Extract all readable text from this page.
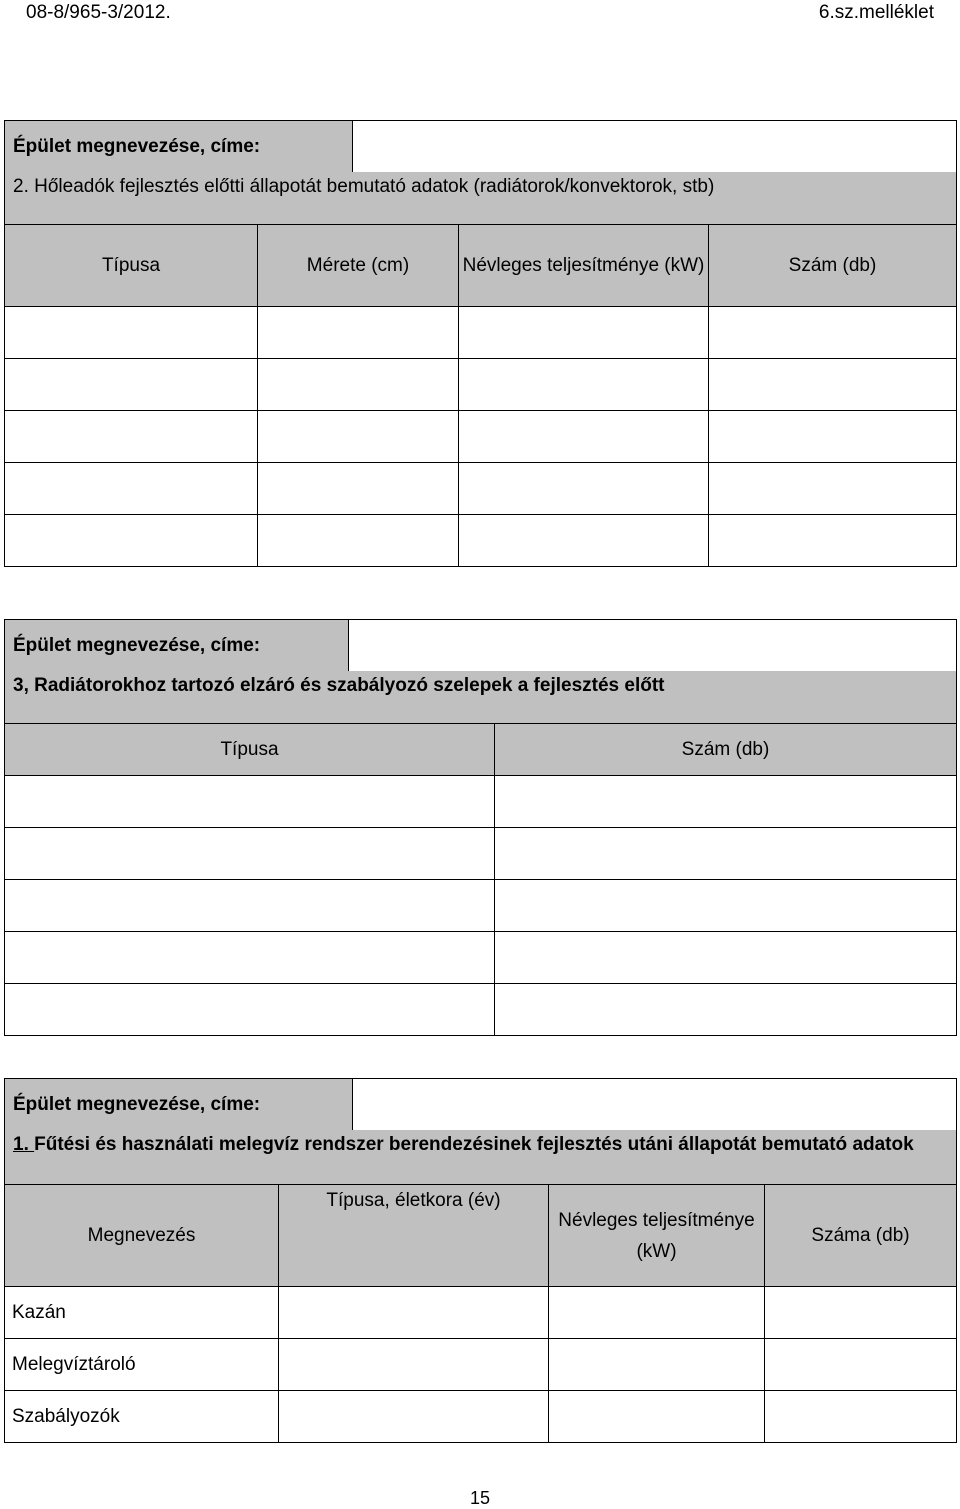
08-8/965-3/2012.	6.sz.melléklet
Épület megnevezése, címe:	
2. Hőleadók fejlesztés előtti állapotát bemutató adatok (radiátorok/konvektorok, stb)
Típusa	Mérete (cm)	Névleges teljesítménye (kW)	Szám (db)

Épület megnevezése, címe:	
3, Radiátorokhoz tartozó elzáró és szabályozó szelepek a fejlesztés előtt
Típusa	Szám (db)

Épület megnevezése, címe:	
1. Fűtési és használati melegvíz rendszer berendezésinek fejlesztés utáni állapotát bemutató adatok
Megnevezés	Típusa, életkora (év)	Névleges teljesítménye (kW)	Száma (db)
Kazán			
Melegvíztároló			
Szabályozók			
15
